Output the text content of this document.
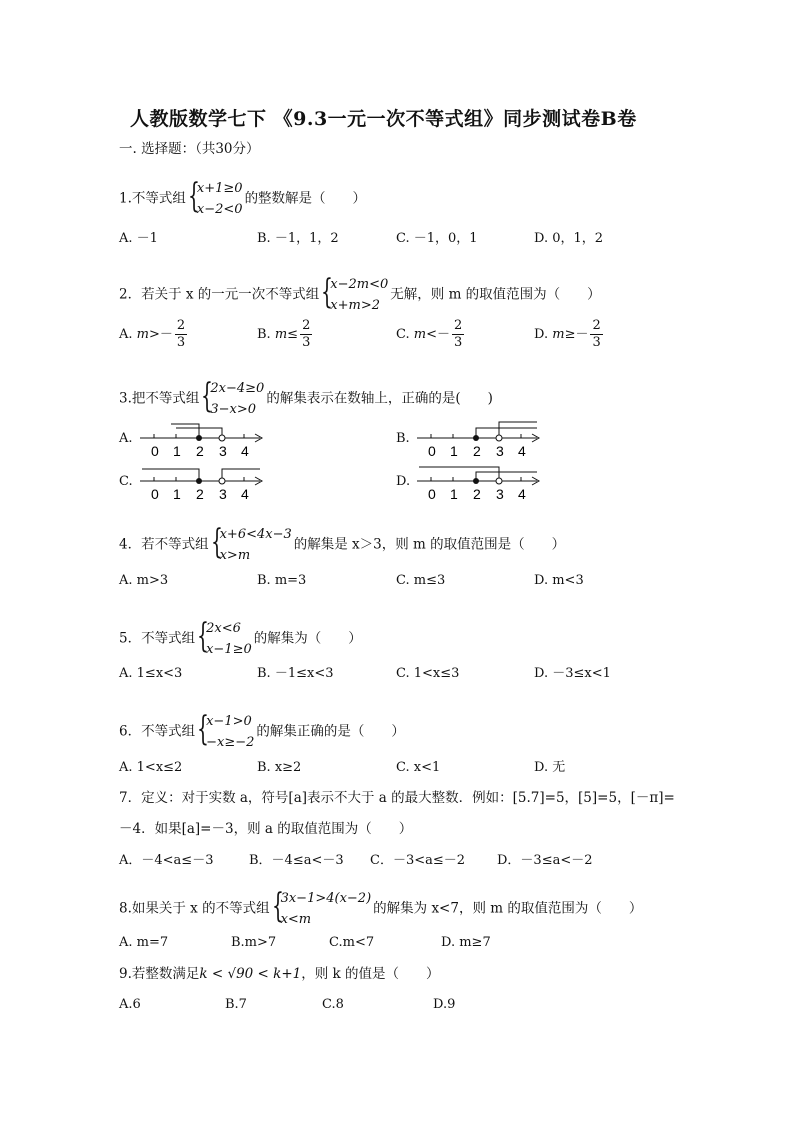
人教版数学七下 《9.3一元一次不等式组》同步测试卷B卷
一. 选择题：（共30分）
1.不等式组 {
x+1≥0
x−2<0
的整数解是（　　）
A. －1	B. －1，1，2	C. －1，0，1	D. 0，1，2
2．若关于 x 的一元一次不等式组 {
x−2m<0
x+m>2
无解，则 m 的取值范围为（　　）
A. $m>- \frac{2}{3}$	B. $m\le \frac{2}{3}$	C. $m<- \frac{2}{3}$	D. $m\ge- \frac{2}{3}$
3.把不等式组 {
2x−4≥0
3−x>0
的解集表示在数轴上，正确的是(　　)
A.	B.
C.	D.
0 1 2 3 4	0 1 2 3 4
0 1 2 3 4	0 1 2 3 4
4．若不等式组 {
x+6<4x−3
x>m
的解集是 x＞3，则 m 的取值范围是（　　）
A. m>3	B. m=3	C. m≤3	D. m<3
5．不等式组 {
2x<6
x−1≥0
的解集为（　　）
A. 1≤x<3	B. －1≤x<3	C. 1<x≤3	D. －3≤x<1
6．不等式组 {
x−1>0
−x≥−2
的解集正确的是（　　）
A. 1<x≤2	B. x≥2	C. x<1	D. 无
7．定义：对于实数 a，符号[a]表示不大于 a 的最大整数．例如：[5.7]=5，[5]=5，[－π]=
－4．如果[a]=－3，则 a 的取值范围为（　　）
A．－4<a≤－3	B．－4≤a<－3 C．－3<a≤－2 D．－3≤a<－2
8.如果关于 x 的不等式组 {
3x−1>4(x−2)
x<m
的解集为 x<7，则 m 的取值范围为（　　）
A. m=7	B.m>7	C.m<7	D. m≥7
9.若整数满足k < √90 < k+1，则 k 的值是（　　）
A.6	B.7	C.8	D.9
